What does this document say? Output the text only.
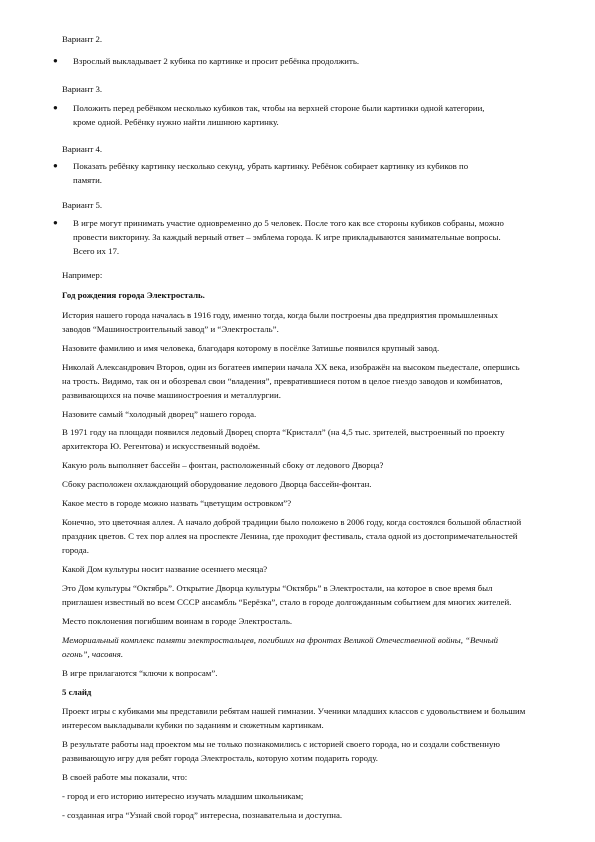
Вариант 2.
● Взрослый выкладывает 2 кубика по картинке и просит ребёнка продолжить.
Вариант 3.
● Положить перед ребёнком несколько кубиков так, чтобы на верхней стороне были картинки одной категории,
кроме одной. Ребёнку нужно найти лишнюю картинку.
Вариант 4.
● Показать ребёнку картинку несколько секунд, убрать картинку. Ребёнок собирает картинку из кубиков по
памяти.
Вариант 5.
● В игре могут принимать участие одновременно до 5 человек. После того как все стороны кубиков собраны, можно
провести викторину. За каждый верный ответ – эмблема города. К игре прикладываются занимательные вопросы.
Всего их 17.
Например:
Год рождения города Электросталь.
История нашего города началась в 1916 году, именно тогда, когда были построены два предприятия промышленных
заводов “Машиностроительный завод” и “Электросталь”.
Назовите фамилию и имя человека, благодаря которому в посёлке Затишье появился крупный завод.
Николай Александрович Второв, один из богатеев империи начала XX века, изображён на высоком пьедестале, опершись
на трость. Видимо, так он и обозревал свои “владения”, превратившиеся потом в целое гнездо заводов и комбинатов,
развивающихся на почве машиностроения и металлургии.
Назовите самый “холодный дворец” нашего города.
В 1971 году на площади появился ледовый Дворец спорта “Кристалл” (на 4,5 тыс. зрителей, выстроенный по проекту
архитектора Ю. Регентова) и искусственный водоём.
Какую роль выполняет бассейн – фонтан, расположенный сбоку от ледового Дворца?
Сбоку расположен охлаждающий оборудование ледового Дворца бассейн-фонтан.
Какое место в городе можно назвать “цветущим островком”?
Конечно, это цветочная аллея. А начало доброй традиции было положено в 2006 году, когда состоялся большой областной
праздник цветов. С тех пор аллея на проспекте Ленина, где проходит фестиваль, стала одной из достопримечательностей
города.
Какой Дом культуры носит название осеннего месяца?
Это Дом культуры “Октябрь”. Открытие Дворца культуры “Октябрь” в Электростали, на которое в свое время был
приглашен известный во всем СССР ансамбль “Берёзка”, стало в городе долгожданным событием для многих жителей.
Место поклонения погибшим воинам в городе Электросталь.
Мемориальный комплекс памяти электростальцев, погибших на фронтах Великой Отечественной войны, “Вечный
огонь”, часовня.
В игре прилагаются “ключи к вопросам”.
5 слайд
Проект игры с кубиками мы представили ребятам нашей гимназии. Ученики младших классов с удовольствием и большим
интересом выкладывали кубики по заданиям и сюжетным картинкам.
В результате работы над проектом мы не только познакомились с историей своего города, но и создали собственную
развивающую игру для ребят города Электросталь, которую хотим подарить городу.
В своей работе мы показали, что:
- город и его историю интересно изучать младшим школьникам;
- созданная игра “Узнай свой город” интересна, познавательна и доступна.
